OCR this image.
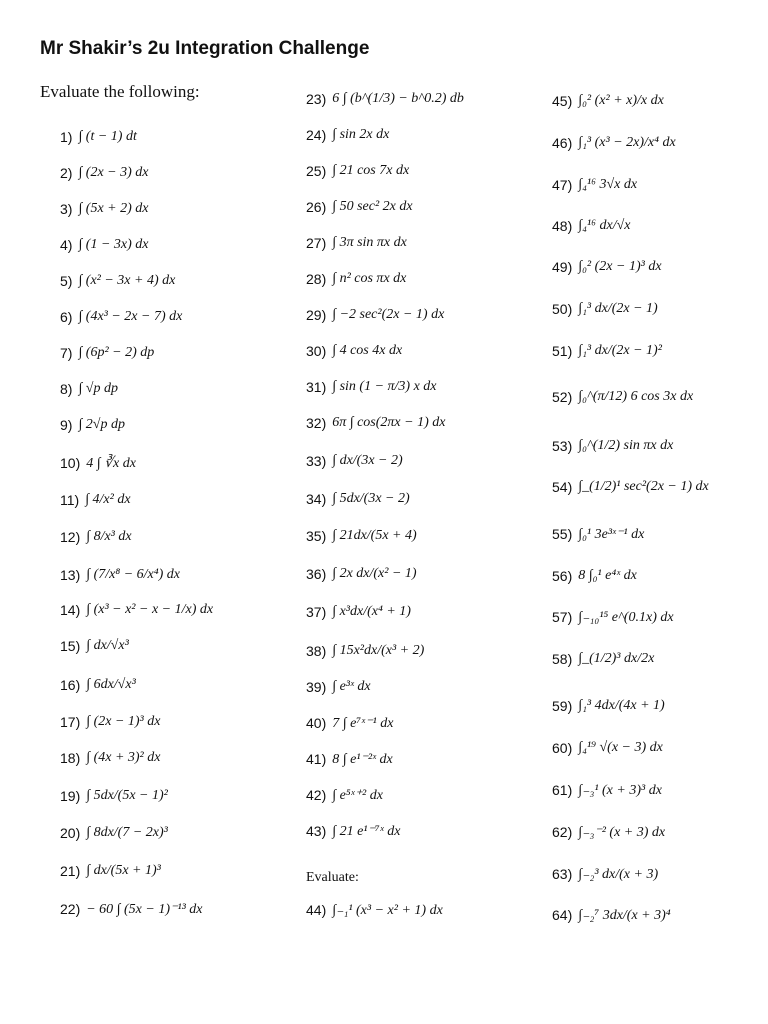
Mr Shakir’s 2u Integration Challenge
Evaluate the following:
Evaluate:
1) ∫ (t − 1) dt
2) ∫ (2x − 3) dx
3) ∫ (5x + 2) dx
4) ∫ (1 − 3x) dx
5) ∫ (x² − 3x + 4) dx
6) ∫ (4x³ − 2x − 7) dx
7) ∫ (6p² − 2) dp
8) ∫ √p dp
9) ∫ 2√p dp
10) 4 ∫ ∛x dx
11) ∫ 4/x² dx
12) ∫ 8/x³ dx
13) ∫ (7/x⁸ − 6/x⁴) dx
14) ∫ (x³ − x² − x − 1/x) dx
15) ∫ dx/√x³
16) ∫ 6dx/√x³
17) ∫ (2x − 1)³ dx
18) ∫ (4x + 3)² dx
19) ∫ 5dx/(5x − 1)²
20) ∫ 8dx/(7 − 2x)³
21) ∫ dx/(5x + 1)³
22) − 60 ∫ (5x − 1)⁻¹³ dx
23) 6 ∫ (b^(1/3) − b^0.2) db
24) ∫ sin 2x dx
25) ∫ 21 cos 7x dx
26) ∫ 50 sec² 2x dx
27) ∫ 3π sin πx dx
28) ∫ n² cos πx dx
29) ∫ −2 sec²(2x − 1) dx
30) ∫ 4 cos 4x dx
31) ∫ sin (1 − π/3) x dx
32) 6π ∫ cos(2πx − 1) dx
33) ∫ dx/(3x − 2)
34) ∫ 5dx/(3x − 2)
35) ∫ 21dx/(5x + 4)
36) ∫ 2x dx/(x² − 1)
37) ∫ x³dx/(x⁴ + 1)
38) ∫ 15x²dx/(x³ + 2)
39) ∫ e³ˣ dx
40) 7 ∫ e⁷ˣ⁻¹ dx
41) 8 ∫ e¹⁻²ˣ dx
42) ∫ e⁵ˣ⁺² dx
43) ∫ 21 e¹⁻⁷ˣ dx
44) ∫₋₁¹ (x³ − x² + 1) dx
45) ∫₀² (x² + x)/x dx
46) ∫₁³ (x³ − 2x)/x⁴ dx
47) ∫₄¹⁶ 3√x dx
48) ∫₄¹⁶ dx/√x
49) ∫₀² (2x − 1)³ dx
50) ∫₁³ dx/(2x − 1)
51) ∫₁³ dx/(2x − 1)²
52) ∫₀^(π/12) 6 cos 3x dx
53) ∫₀^(1/2) sin πx dx
54) ∫_(1/2)¹ sec²(2x − 1) dx
55) ∫₀¹ 3e³ˣ⁻¹ dx
56) 8 ∫₀¹ e⁴ˣ dx
57) ∫₋₁₀¹⁵ e^(0.1x) dx
58) ∫_(1/2)³ dx/2x
59) ∫₁³ 4dx/(4x + 1)
60) ∫₄¹⁹ √(x − 3) dx
61) ∫₋₃¹ (x + 3)³ dx
62) ∫₋₃⁻² (x + 3) dx
63) ∫₋₂³ dx/(x + 3)
64) ∫₋₂⁷ 3dx/(x + 3)⁴
